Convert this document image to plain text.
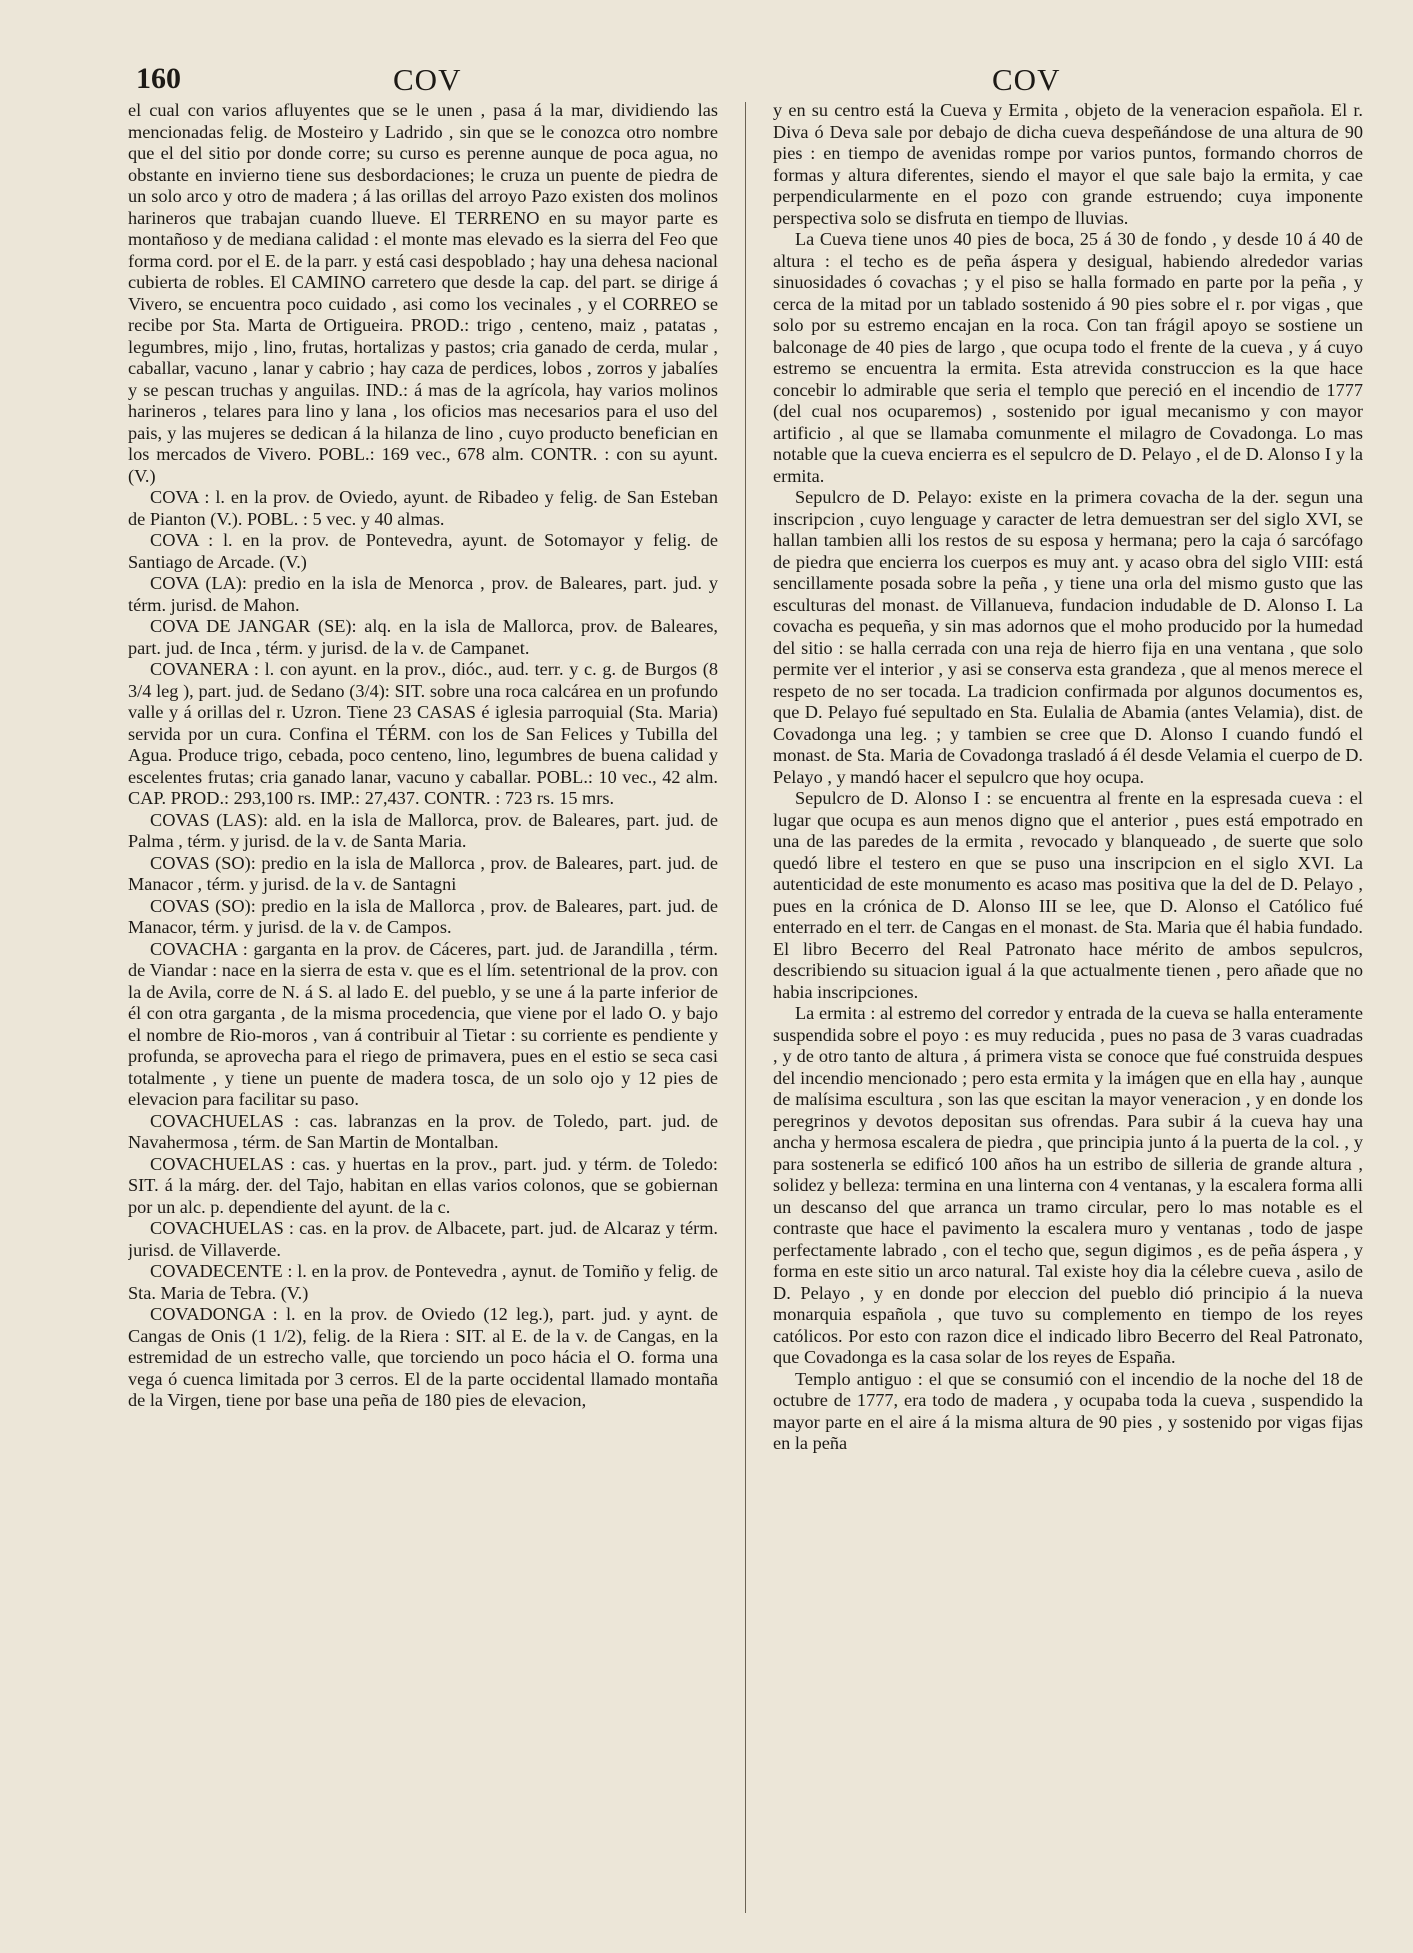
160	COV	COV

el cual con varios afluyentes que se le unen , pasa á la mar, dividiendo las mencionadas felig. de Mosteiro y Ladrido , sin que se le conozca otro nombre que el del sitio por donde corre; su curso es perenne aunque de poca agua, no obstante en invierno tiene sus desbordaciones; le cruza un puente de piedra de un solo arco y otro de madera ; á las orillas del arroyo Pazo existen dos molinos harineros que trabajan cuando llueve. El TERRENO en su mayor parte es montañoso y de mediana calidad : el monte mas elevado es la sierra del Feo que forma cord. por el E. de la parr. y está casi despoblado ; hay una dehesa nacional cubierta de robles. El CAMINO carretero que desde la cap. del part. se dirige á Vivero, se encuentra poco cuidado , asi como los vecinales , y el CORREO se recibe por Sta. Marta de Ortigueira. PROD.: trigo , centeno, maiz , patatas , legumbres, mijo , lino, frutas, hortalizas y pastos; cria ganado de cerda, mular , caballar, vacuno , lanar y cabrio ; hay caza de perdices, lobos , zorros y jabalíes y se pescan truchas y anguilas. IND.: á mas de la agrícola, hay varios molinos harineros , telares para lino y lana , los oficios mas necesarios para el uso del pais, y las mujeres se dedican á la hilanza de lino , cuyo producto benefician en los mercados de Vivero. POBL.: 169 vec., 678 alm. CONTR. : con su ayunt. (V.)

COVA : l. en la prov. de Oviedo, ayunt. de Ribadeo y felig. de San Esteban de Pianton (V.). POBL. : 5 vec. y 40 almas.

COVA : l. en la prov. de Pontevedra, ayunt. de Sotomayor y felig. de Santiago de Arcade. (V.)

COVA (LA): predio en la isla de Menorca , prov. de Baleares, part. jud. y térm. jurisd. de Mahon.

COVA DE JANGAR (SE): alq. en la isla de Mallorca, prov. de Baleares, part. jud. de Inca , térm. y jurisd. de la v. de Campanet.

COVANERA : l. con ayunt. en la prov., dióc., aud. terr. y c. g. de Burgos (8 3/4 leg ), part. jud. de Sedano (3/4): SIT. sobre una roca calcárea en un profundo valle y á orillas del r. Uzron. Tiene 23 CASAS é iglesia parroquial (Sta. Maria) servida por un cura. Confina el TÉRM. con los de San Felices y Tubilla del Agua. Produce trigo, cebada, poco centeno, lino, legumbres de buena calidad y escelentes frutas; cria ganado lanar, vacuno y caballar. POBL.: 10 vec., 42 alm. CAP. PROD.: 293,100 rs. IMP.: 27,437. CONTR. : 723 rs. 15 mrs.

COVAS (LAS): ald. en la isla de Mallorca, prov. de Baleares, part. jud. de Palma , térm. y jurisd. de la v. de Santa Maria.

COVAS (SO): predio en la isla de Mallorca , prov. de Baleares, part. jud. de Manacor , térm. y jurisd. de la v. de Santagni

COVAS (SO): predio en la isla de Mallorca , prov. de Baleares, part. jud. de Manacor, térm. y jurisd. de la v. de Campos.

COVACHA : garganta en la prov. de Cáceres, part. jud. de Jarandilla , térm. de Viandar : nace en la sierra de esta v. que es el lím. setentrional de la prov. con la de Avila, corre de N. á S. al lado E. del pueblo, y se une á la parte inferior de él con otra garganta , de la misma procedencia, que viene por el lado O. y bajo el nombre de Rio-moros , van á contribuir al Tietar : su corriente es pendiente y profunda, se aprovecha para el riego de primavera, pues en el estio se seca casi totalmente , y tiene un puente de madera tosca, de un solo ojo y 12 pies de elevacion para facilitar su paso.

COVACHUELAS : cas. labranzas en la prov. de Toledo, part. jud. de Navahermosa , térm. de San Martin de Montalban.

COVACHUELAS : cas. y huertas en la prov., part. jud. y térm. de Toledo: SIT. á la márg. der. del Tajo, habitan en ellas varios colonos, que se gobiernan por un alc. p. dependiente del ayunt. de la c.

COVACHUELAS : cas. en la prov. de Albacete, part. jud. de Alcaraz y térm. jurisd. de Villaverde.

COVADECENTE : l. en la prov. de Pontevedra , aynut. de Tomiño y felig. de Sta. Maria de Tebra. (V.)

COVADONGA : l. en la prov. de Oviedo (12 leg.), part. jud. y aynt. de Cangas de Onis (1 1/2), felig. de la Riera : SIT. al E. de la v. de Cangas, en la estremidad de un estrecho valle, que torciendo un poco hácia el O. forma una vega ó cuenca limitada por 3 cerros. El de la parte occidental llamado montaña de la Virgen, tiene por base una peña de 180 pies de elevacion,

y en su centro está la Cueva y Ermita , objeto de la veneracion española. El r. Diva ó Deva sale por debajo de dicha cueva despeñándose de una altura de 90 pies : en tiempo de avenidas rompe por varios puntos, formando chorros de formas y altura diferentes, siendo el mayor el que sale bajo la ermita, y cae perpendicularmente en el pozo con grande estruendo; cuya imponente perspectiva solo se disfruta en tiempo de lluvias.

La Cueva tiene unos 40 pies de boca, 25 á 30 de fondo , y desde 10 á 40 de altura : el techo es de peña áspera y desigual, habiendo alrededor varias sinuosidades ó covachas ; y el piso se halla formado en parte por la peña , y cerca de la mitad por un tablado sostenido á 90 pies sobre el r. por vigas , que solo por su estremo encajan en la roca. Con tan frágil apoyo se sostiene un balconage de 40 pies de largo , que ocupa todo el frente de la cueva , y á cuyo estremo se encuentra la ermita. Esta atrevida construccion es la que hace concebir lo admirable que seria el templo que pereció en el incendio de 1777 (del cual nos ocuparemos) , sostenido por igual mecanismo y con mayor artificio , al que se llamaba comunmente el milagro de Covadonga. Lo mas notable que la cueva encierra es el sepulcro de D. Pelayo , el de D. Alonso I y la ermita.

Sepulcro de D. Pelayo: existe en la primera covacha de la der. segun una inscripcion , cuyo lenguage y caracter de letra demuestran ser del siglo XVI, se hallan tambien alli los restos de su esposa y hermana; pero la caja ó sarcófago de piedra que encierra los cuerpos es muy ant. y acaso obra del siglo VIII: está sencillamente posada sobre la peña , y tiene una orla del mismo gusto que las esculturas del monast. de Villanueva, fundacion indudable de D. Alonso I. La covacha es pequeña, y sin mas adornos que el moho producido por la humedad del sitio : se halla cerrada con una reja de hierro fija en una ventana , que solo permite ver el interior , y asi se conserva esta grandeza , que al menos merece el respeto de no ser tocada. La tradicion confirmada por algunos documentos es, que D. Pelayo fué sepultado en Sta. Eulalia de Abamia (antes Velamia), dist. de Covadonga una leg. ; y tambien se cree que D. Alonso I cuando fundó el monast. de Sta. Maria de Covadonga trasladó á él desde Velamia el cuerpo de D. Pelayo , y mandó hacer el sepulcro que hoy ocupa.

Sepulcro de D. Alonso I : se encuentra al frente en la espresada cueva : el lugar que ocupa es aun menos digno que el anterior , pues está empotrado en una de las paredes de la ermita , revocado y blanqueado , de suerte que solo quedó libre el testero en que se puso una inscripcion en el siglo XVI. La autenticidad de este monumento es acaso mas positiva que la del de D. Pelayo , pues en la crónica de D. Alonso III se lee, que D. Alonso el Católico fué enterrado en el terr. de Cangas en el monast. de Sta. Maria que él habia fundado. El libro Becerro del Real Patronato hace mérito de ambos sepulcros, describiendo su situacion igual á la que actualmente tienen , pero añade que no habia inscripciones.

La ermita : al estremo del corredor y entrada de la cueva se halla enteramente suspendida sobre el poyo : es muy reducida , pues no pasa de 3 varas cuadradas , y de otro tanto de altura , á primera vista se conoce que fué construida despues del incendio mencionado ; pero esta ermita y la imágen que en ella hay , aunque de malísima escultura , son las que escitan la mayor veneracion , y en donde los peregrinos y devotos depositan sus ofrendas. Para subir á la cueva hay una ancha y hermosa escalera de piedra , que principia junto á la puerta de la col. , y para sostenerla se edificó 100 años ha un estribo de silleria de grande altura , solidez y belleza: termina en una linterna con 4 ventanas, y la escalera forma alli un descanso del que arranca un tramo circular, pero lo mas notable es el contraste que hace el pavimento la escalera muro y ventanas , todo de jaspe perfectamente labrado , con el techo que, segun digimos , es de peña áspera , y forma en este sitio un arco natural. Tal existe hoy dia la célebre cueva , asilo de D. Pelayo , y en donde por eleccion del pueblo dió principio á la nueva monarquia española , que tuvo su complemento en tiempo de los reyes católicos. Por esto con razon dice el indicado libro Becerro del Real Patronato, que Covadonga es la casa solar de los reyes de España.

Templo antiguo : el que se consumió con el incendio de la noche del 18 de octubre de 1777, era todo de madera , y ocupaba toda la cueva , suspendido la mayor parte en el aire á la misma altura de 90 pies , y sostenido por vigas fijas en la peña
